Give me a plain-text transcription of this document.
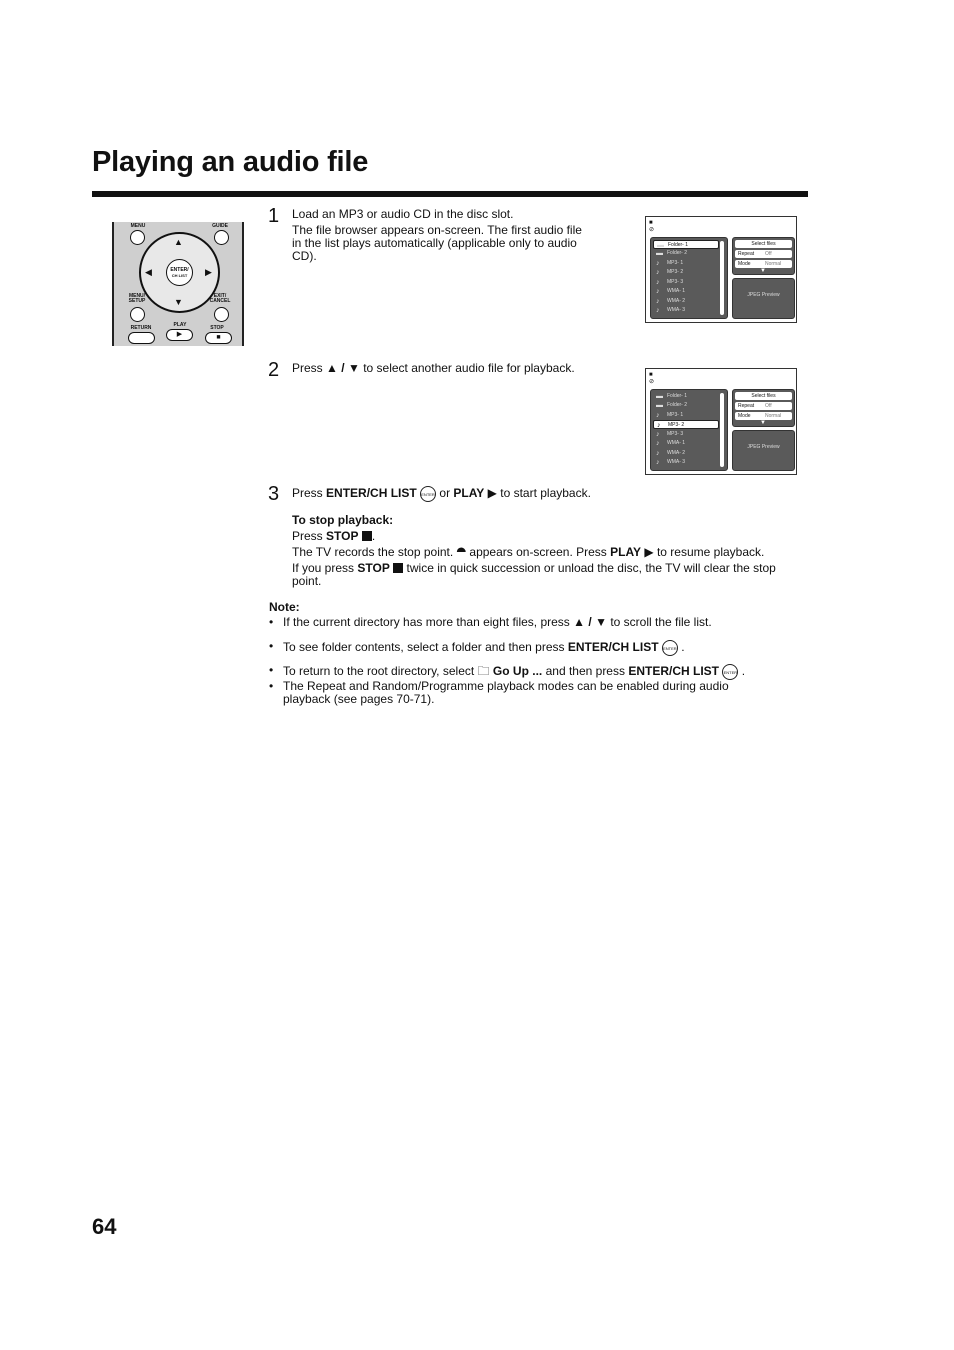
Playing an audio file
MENU	GUIDE
▲
▼
◀	▶
ENTER/
CH LIST
MENU/
SETUP
EXIT/
CANCEL
RETURN	PLAY	STOP
▶	■
1 Load an MP3 or audio CD in the disc slot.

The file browser appears on-screen. The first audio file in the list plays automatically (applicable only to audio CD).

■
⊘
▬ Folder- 1
▬ Folder- 2
♪ MP3- 1
♪ MP3- 2
♪ MP3- 3
♪ WMA- 1
♪ WMA- 2
♪ WMA- 3
Select files
Repeat Off
Mode	Normal
▼
JPEG Preview
2 Press ▲ / ▼ to select another audio file for playback.	■
⊘
▬ Folder- 1
▬ Folder- 2
♪ MP3- 1
♪ MP3- 2
♪ MP3- 3
♪ WMA- 1
♪ WMA- 2
♪ WMA- 3
Select files
Repeat Off
Mode	Normal
▼
JPEG Preview
3 Press ENTER/CH LIST ENTER or PLAY ▶ to start playback.

To stop playback:

Press STOP .

The TV records the stop point. ⯊ appears on-screen. Press PLAY ▶ to resume playback.

If you press STOP twice in quick succession or unload the disc, the TV will clear the stop point.

Note:

• If the current directory has more than eight files, press ▲ / ▼ to scroll the file list.
• To see folder contents, select a folder and then press ENTER/CH LIST ENTER .
• To return to the root directory, select 🗀 Go Up ... and then press ENTER/CH LIST ENTER .
• The Repeat and Random/Programme playback modes can be enabled during audio playback (see pages 70-71).
64
